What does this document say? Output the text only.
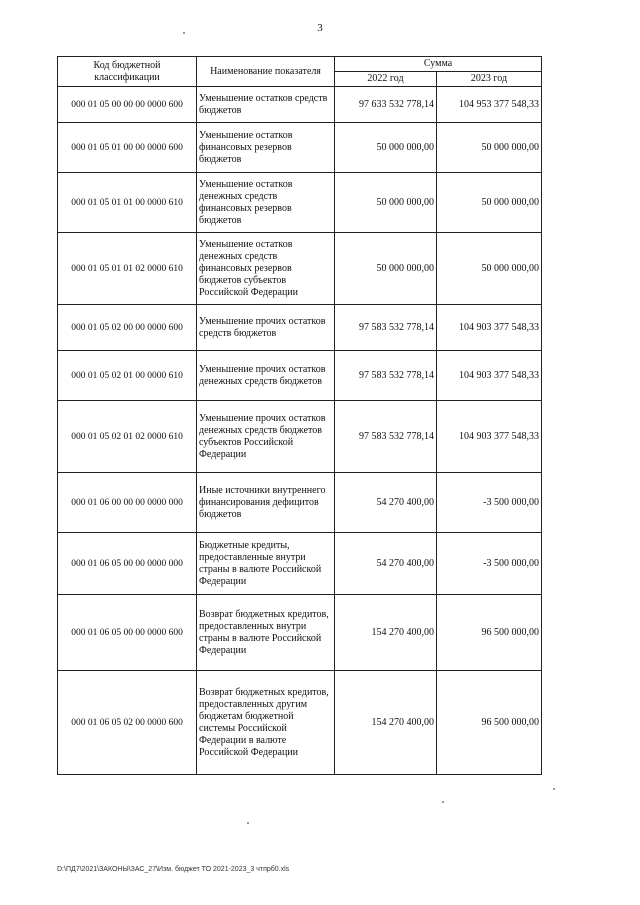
3
Код бюджетной классификации	Наименование показателя	Сумма	
		2022 год	2023 год
000 01 05 00 00 00 0000 600	Уменьшение остатков средств бюджетов	97 633 532 778,14	104 953 377 548,33
000 01 05 01 00 00 0000 600	Уменьшение остатков финансовых резервов бюджетов	50 000 000,00	50 000 000,00
000 01 05 01 01 00 0000 610	Уменьшение остатков денежных средств финансовых резервов бюджетов	50 000 000,00	50 000 000,00
000 01 05 01 01 02 0000 610	Уменьшение остатков денежных средств финансовых резервов бюджетов субъектов Российской Федерации	50 000 000,00	50 000 000,00
000 01 05 02 00 00 0000 600	Уменьшение прочих остатков средств бюджетов	97 583 532 778,14	104 903 377 548,33
000 01 05 02 01 00 0000 610	Уменьшение прочих остатков денежных средств бюджетов	97 583 532 778,14	104 903 377 548,33
000 01 05 02 01 02 0000 610	Уменьшение прочих остатков денежных средств бюджетов субъектов Российской Федерации	97 583 532 778,14	104 903 377 548,33
000 01 06 00 00 00 0000 000	Иные источники внутреннего финансирования дефицитов бюджетов	54 270 400,00	-3 500 000,00
000 01 06 05 00 00 0000 000	Бюджетные кредиты, предоставленные внутри страны в валюте Российской Федерации	54 270 400,00	-3 500 000,00
000 01 06 05 00 00 0000 600	Возврат бюджетных кредитов, предоставленных внутри страны в валюте Российской Федерации	154 270 400,00	96 500 000,00
000 01 06 05 02 00 0000 600	Возврат бюджетных кредитов, предоставленных другим бюджетам бюджетной системы Российской Федерации в валюте Российской Федерации	154 270 400,00	96 500 000,00
D:\ПД7\2021\ЗАКОНЫ\ЗАС_27\Изм. бюджет ТО 2021-2023_3 чтпрб0.xls
